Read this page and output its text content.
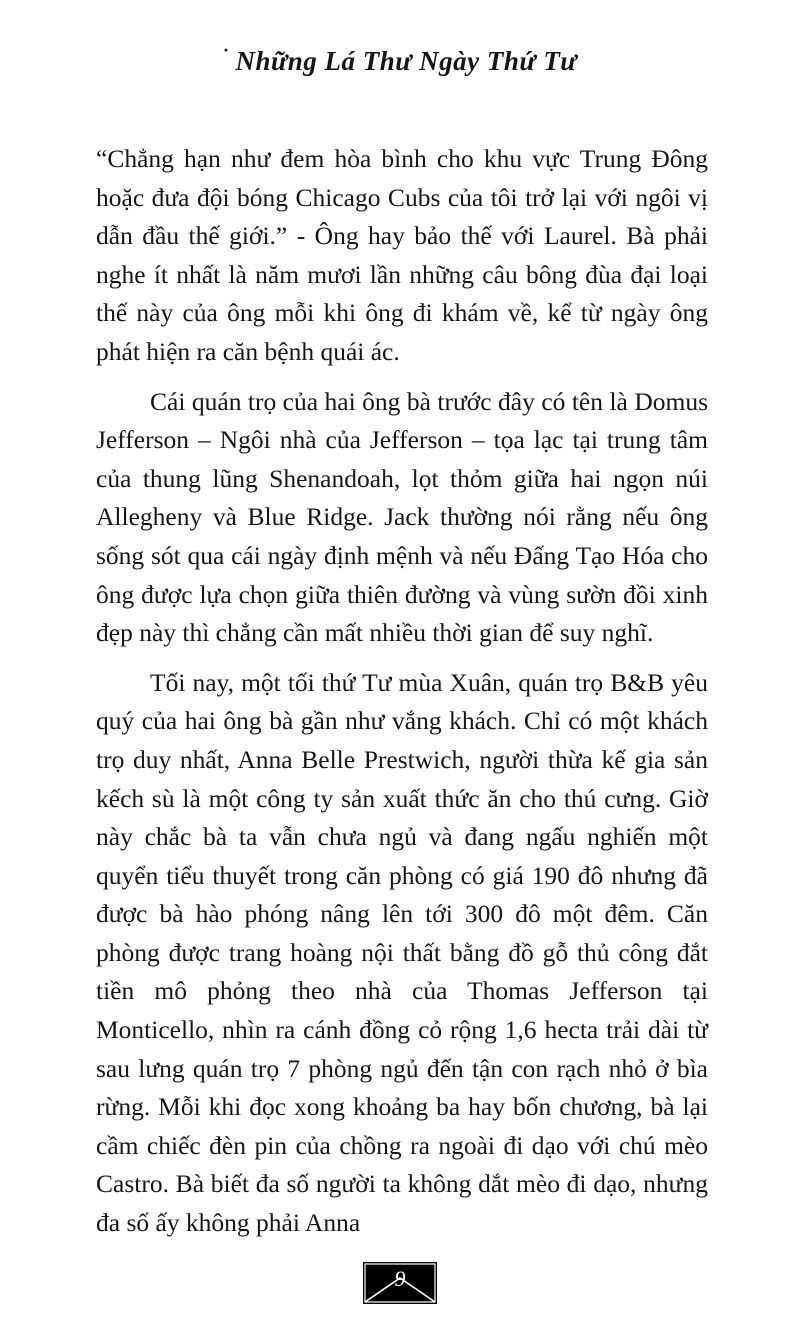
· Những Lá Thư Ngày Thứ Tư

“Chẳng hạn như đem hòa bình cho khu vực Trung Đông hoặc đưa đội bóng Chicago Cubs của tôi trở lại với ngôi vị dẫn đầu thế giới.” - Ông hay bảo thế với Laurel. Bà phải nghe ít nhất là năm mươi lần những câu bông đùa đại loại thế này của ông mỗi khi ông đi khám về, kể từ ngày ông phát hiện ra căn bệnh quái ác.

Cái quán trọ của hai ông bà trước đây có tên là Domus Jefferson – Ngôi nhà của Jefferson – tọa lạc tại trung tâm của thung lũng Shenandoah, lọt thỏm giữa hai ngọn núi Allegheny và Blue Ridge. Jack thường nói rằng nếu ông sống sót qua cái ngày định mệnh và nếu Đấng Tạo Hóa cho ông được lựa chọn giữa thiên đường và vùng sườn đồi xinh đẹp này thì chẳng cần mất nhiều thời gian để suy nghĩ.

Tối nay, một tối thứ Tư mùa Xuân, quán trọ B&B yêu quý của hai ông bà gần như vắng khách. Chỉ có một khách trọ duy nhất, Anna Belle Prestwich, người thừa kế gia sản kếch sù là một công ty sản xuất thức ăn cho thú cưng. Giờ này chắc bà ta vẫn chưa ngủ và đang ngấu nghiến một quyển tiểu thuyết trong căn phòng có giá 190 đô nhưng đã được bà hào phóng nâng lên tới 300 đô một đêm. Căn phòng được trang hoàng nội thất bằng đồ gỗ thủ công đắt tiền mô phỏng theo nhà của Thomas Jefferson tại Monticello, nhìn ra cánh đồng cỏ rộng 1,6 hecta trải dài từ sau lưng quán trọ 7 phòng ngủ đến tận con rạch nhỏ ở bìa rừng. Mỗi khi đọc xong khoảng ba hay bốn chương, bà lại cầm chiếc đèn pin của chồng ra ngoài đi dạo với chú mèo Castro. Bà biết đa số người ta không dắt mèo đi dạo, nhưng đa số ấy không phải Anna

9
